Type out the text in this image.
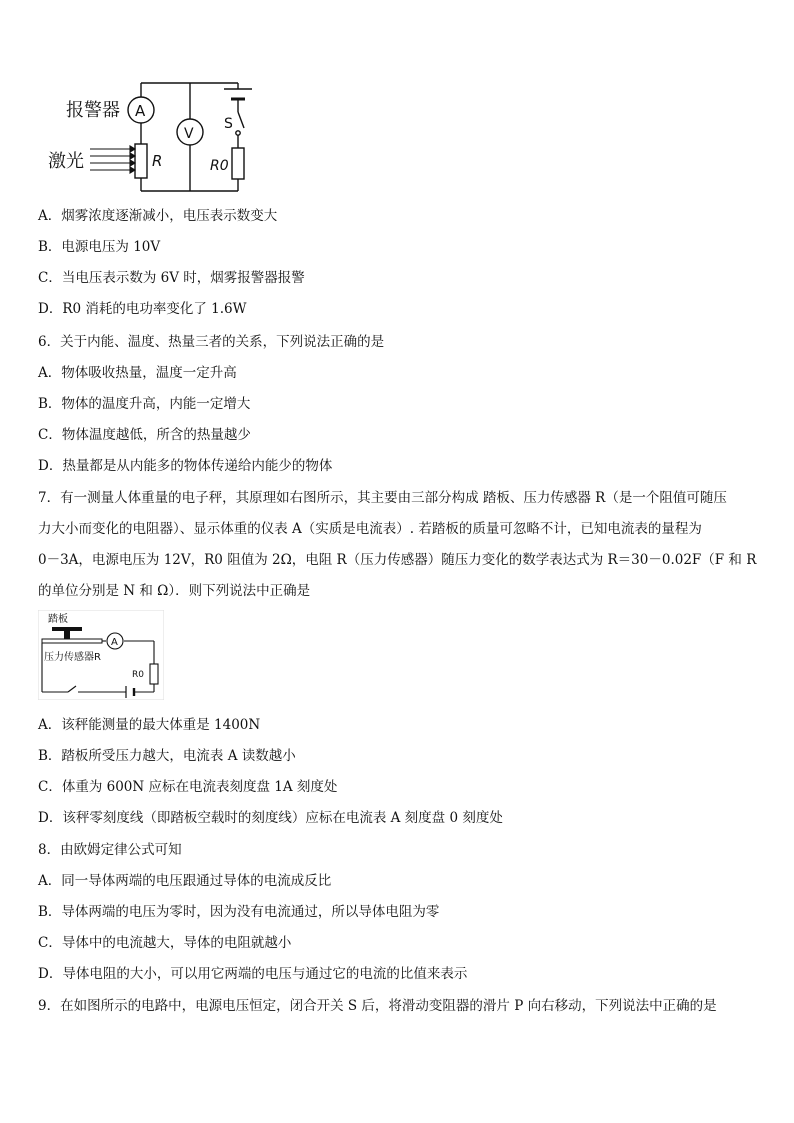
A
R
报警器
激光
V
S
R0
A．烟雾浓度逐渐减小，电压表示数变大
B．电源电压为 10V
C．当电压表示数为 6V 时，烟雾报警器报警
D．R0 消耗的电功率变化了 1.6W
6．关于内能、温度、热量三者的关系，下列说法正确的是
A．物体吸收热量，温度一定升高
B．物体的温度升高，内能一定增大
C．物体温度越低，所含的热量越少
D．热量都是从内能多的物体传递给内能少的物体
7．有一测量人体重量的电子秤，其原理如右图所示，其主要由三部分构成 踏板、压力传感器 R（是一个阻值可随压
力大小而变化的电阻器）、显示体重的仪表 A（实质是电流表）. 若踏板的质量可忽略不计，已知电流表的量程为
0－3A，电源电压为 12V，R0 阻值为 2Ω，电阻 R（压力传感器）随压力变化的数学表达式为 R＝30－0.02F（F 和 R
的单位分别是 N 和 Ω）．则下列说法中正确是
踏板
压力传感器R
A
R0
A．该秤能测量的最大体重是 1400N
B．踏板所受压力越大，电流表 A 读数越小
C．体重为 600N 应标在电流表刻度盘 1A 刻度处
D．该秤零刻度线（即踏板空载时的刻度线）应标在电流表 A 刻度盘 0 刻度处
8．由欧姆定律公式可知
A．同一导体两端的电压跟通过导体的电流成反比
B．导体两端的电压为零时，因为没有电流通过，所以导体电阻为零
C．导体中的电流越大，导体的电阻就越小
D．导体电阻的大小，可以用它两端的电压与通过它的电流的比值来表示
9．在如图所示的电路中，电源电压恒定，闭合开关 S 后，将滑动变阻器的滑片 P 向右移动，下列说法中正确的是
